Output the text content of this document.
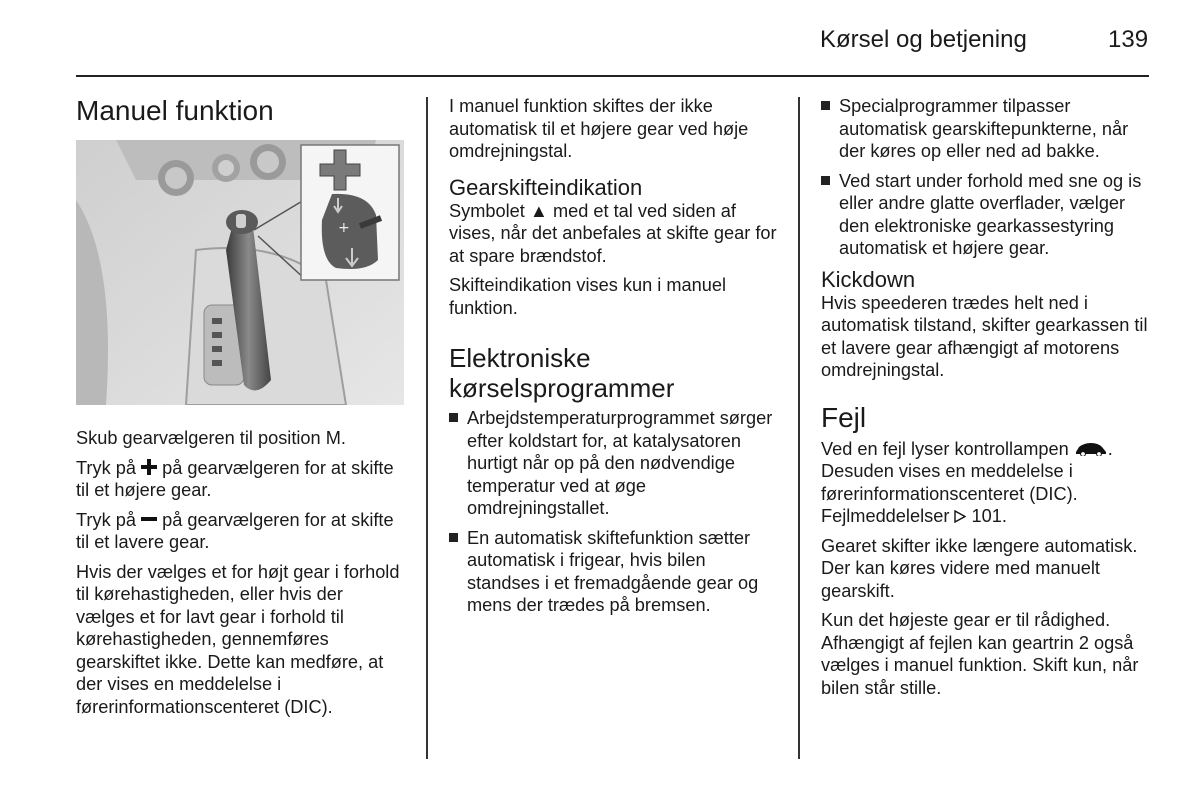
Kørsel og betjening	139
Manuel funktion
+

Skub gearvælgeren til position M.

Tryk på  på gearvælgeren for at skifte til et højere gear.

Tryk på  på gearvælgeren for at skifte til et lavere gear.

Hvis der vælges et for højt gear i forhold til kørehastigheden, eller hvis der vælges et for lavt gear i forhold til kørehastigheden, gennemføres gearskiftet ikke. Dette kan medføre, at der vises en meddelelse i førerinformationscenteret (DIC).

I manuel funktion skiftes der ikke automatisk til et højere gear ved høje omdrejningstal.

Gearskifteindikation

Symbolet ▲ med et tal ved siden af vises, når det anbefales at skifte gear for at spare brændstof.

Skifteindikation vises kun i manuel funktion.

Elektroniske kørselsprogrammer
Arbejdstemperaturprogrammet sørger efter koldstart for, at katalysatoren hurtigt når op på den nødvendige temperatur ved at øge omdrejningstallet.
En automatisk skiftefunktion sætter automatisk i frigear, hvis bilen standses i et fremadgående gear og mens der trædes på bremsen.
Specialprogrammer tilpasser automatisk gearskiftepunkterne, når der køres op eller ned ad bakke.
Ved start under forhold med sne og is eller andre glatte overflader, vælger den elektroniske gearkassestyring automatisk et højere gear.
Kickdown

Hvis speederen trædes helt ned i automatisk tilstand, skifter gearkassen til et lavere gear afhængigt af motorens omdrejningstal.

Fejl

Ved en fejl lyser kontrollampen . Desuden vises en meddelelse i førerinformationscenteret (DIC). Fejlmeddelelser  101.

Gearet skifter ikke længere automatisk. Der kan køres videre med manuelt gearskift.

Kun det højeste gear er til rådighed. Afhængigt af fejlen kan geartrin 2 også vælges i manuel funktion. Skift kun, når bilen står stille.
